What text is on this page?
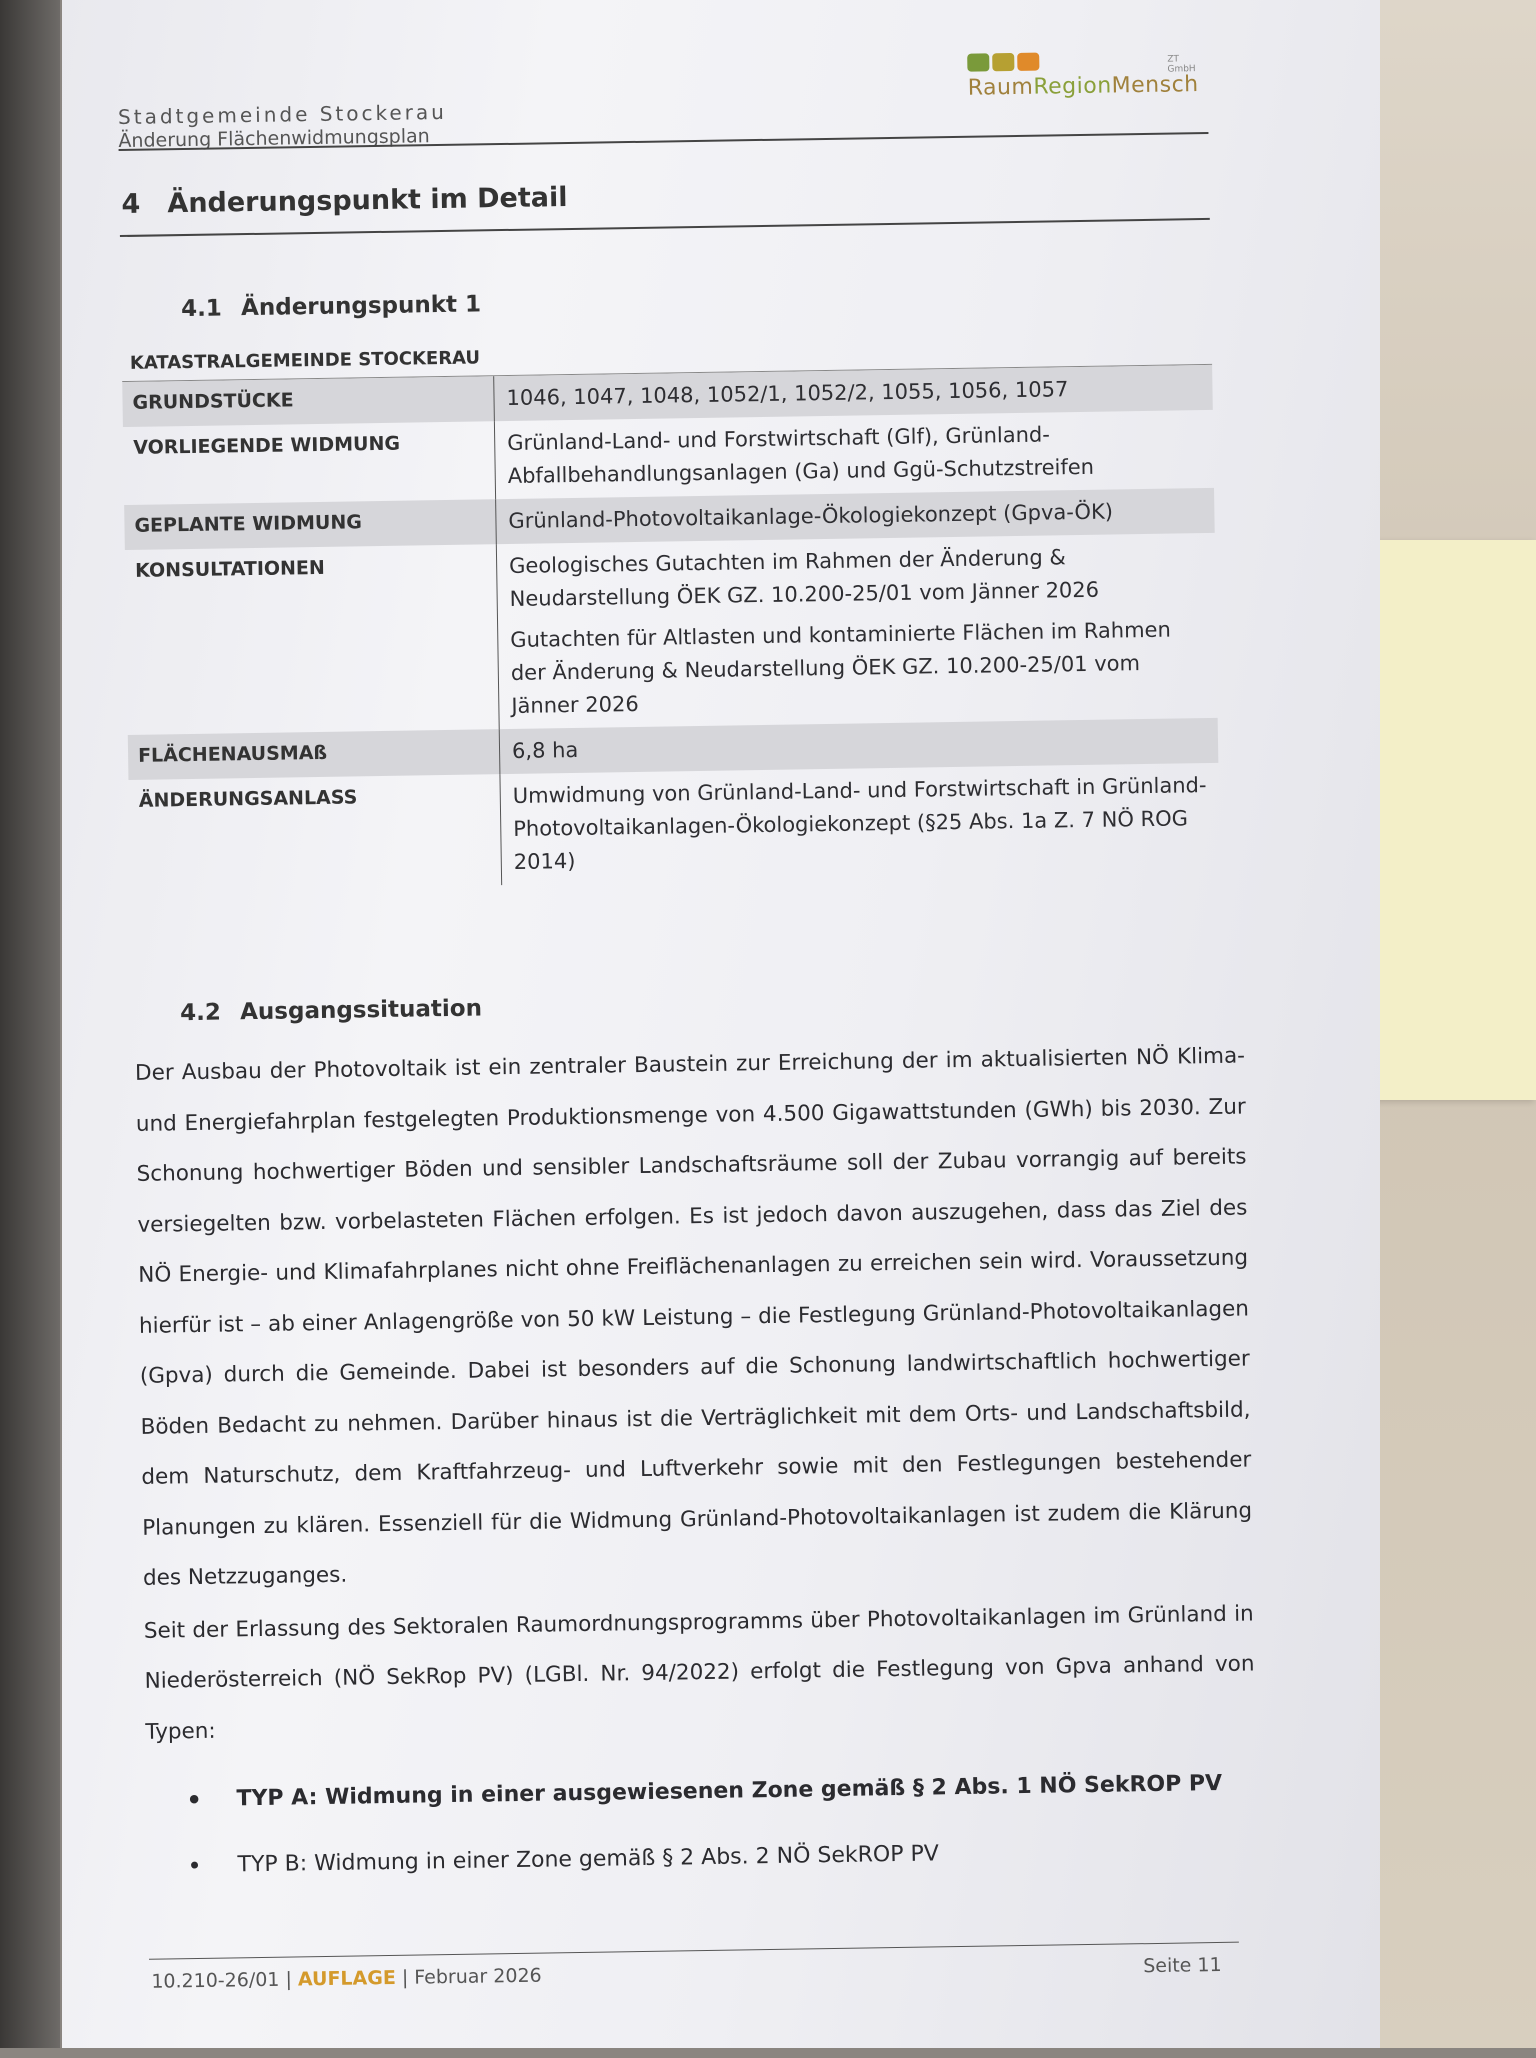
Stadtgemeinde Stockerau
Änderung Flächenwidmungsplan
ZT GmbH
RaumRegionMensch
4 Änderungspunkt im Detail
4.1 Änderungspunkt 1
KATASTRALGEMEINDE STOCKERAU
GRUNDSTÜCKE	1046, 1047, 1048, 1052/1, 1052/2, 1055, 1056, 1057

VORLIEGENDE WIDMUNG	Grünland-Land- und Forstwirtschaft (Glf), Grünland-Abfallbehandlungsanlagen (Ga) und Ggü-Schutzstreifen

GEPLANTE WIDMUNG	Grünland-Photovoltaikanlage-Ökologiekonzept (Gpva-ÖK)

KONSULTATIONEN	Geologisches Gutachten im Rahmen der Änderung & Neudarstellung ÖEK GZ. 10.200-25/01 vom Jänner 2026

Gutachten für Altlasten und kontaminierte Flächen im Rahmen der Änderung & Neudarstellung ÖEK GZ. 10.200-25/01 vom Jänner 2026

FLÄCHENAUSMAß	6,8 ha

ÄNDERUNGSANLASS	Umwidmung von Grünland-Land- und Forstwirtschaft in Grünland-Photovoltaikanlagen-Ökologiekonzept (§25 Abs. 1a Z. 7 NÖ ROG 2014)

4.2 Ausgangssituation

Der Ausbau der Photovoltaik ist ein zentraler Baustein zur Erreichung der im aktualisierten NÖ Klima- und Energiefahrplan festgelegten Produktionsmenge von 4.500 Gigawattstunden (GWh) bis 2030. Zur Schonung hochwertiger Böden und sensibler Landschaftsräume soll der Zubau vorrangig auf bereits versiegelten bzw. vorbelasteten Flächen erfolgen. Es ist jedoch davon auszugehen, dass das Ziel des NÖ Energie- und Klimafahrplanes nicht ohne Freiflächenanlagen zu erreichen sein wird. Voraussetzung hierfür ist – ab einer Anlagengröße von 50 kW Leistung – die Festlegung Grünland-Photovoltaikanlagen (Gpva) durch die Gemeinde. Dabei ist besonders auf die Schonung landwirtschaftlich hochwertiger Böden Bedacht zu nehmen. Darüber hinaus ist die Verträglichkeit mit dem Orts- und Landschaftsbild, dem Naturschutz, dem Kraftfahrzeug- und Luftverkehr sowie mit den Festlegungen bestehender Planungen zu klären. Essenziell für die Widmung Grünland-Photovoltaikanlagen ist zudem die Klärung des Netzzuganges.

Seit der Erlassung des Sektoralen Raumordnungsprogramms über Photovoltaikanlagen im Grünland in Niederösterreich (NÖ SekRop PV) (LGBl. Nr. 94/2022) erfolgt die Festlegung von Gpva anhand von Typen:

• TYP A: Widmung in einer ausgewiesenen Zone gemäß § 2 Abs. 1 NÖ SekROP PV
• TYP B: Widmung in einer Zone gemäß § 2 Abs. 2 NÖ SekROP PV
10.210-26/01 | AUFLAGE | Februar 2026	Seite 11
